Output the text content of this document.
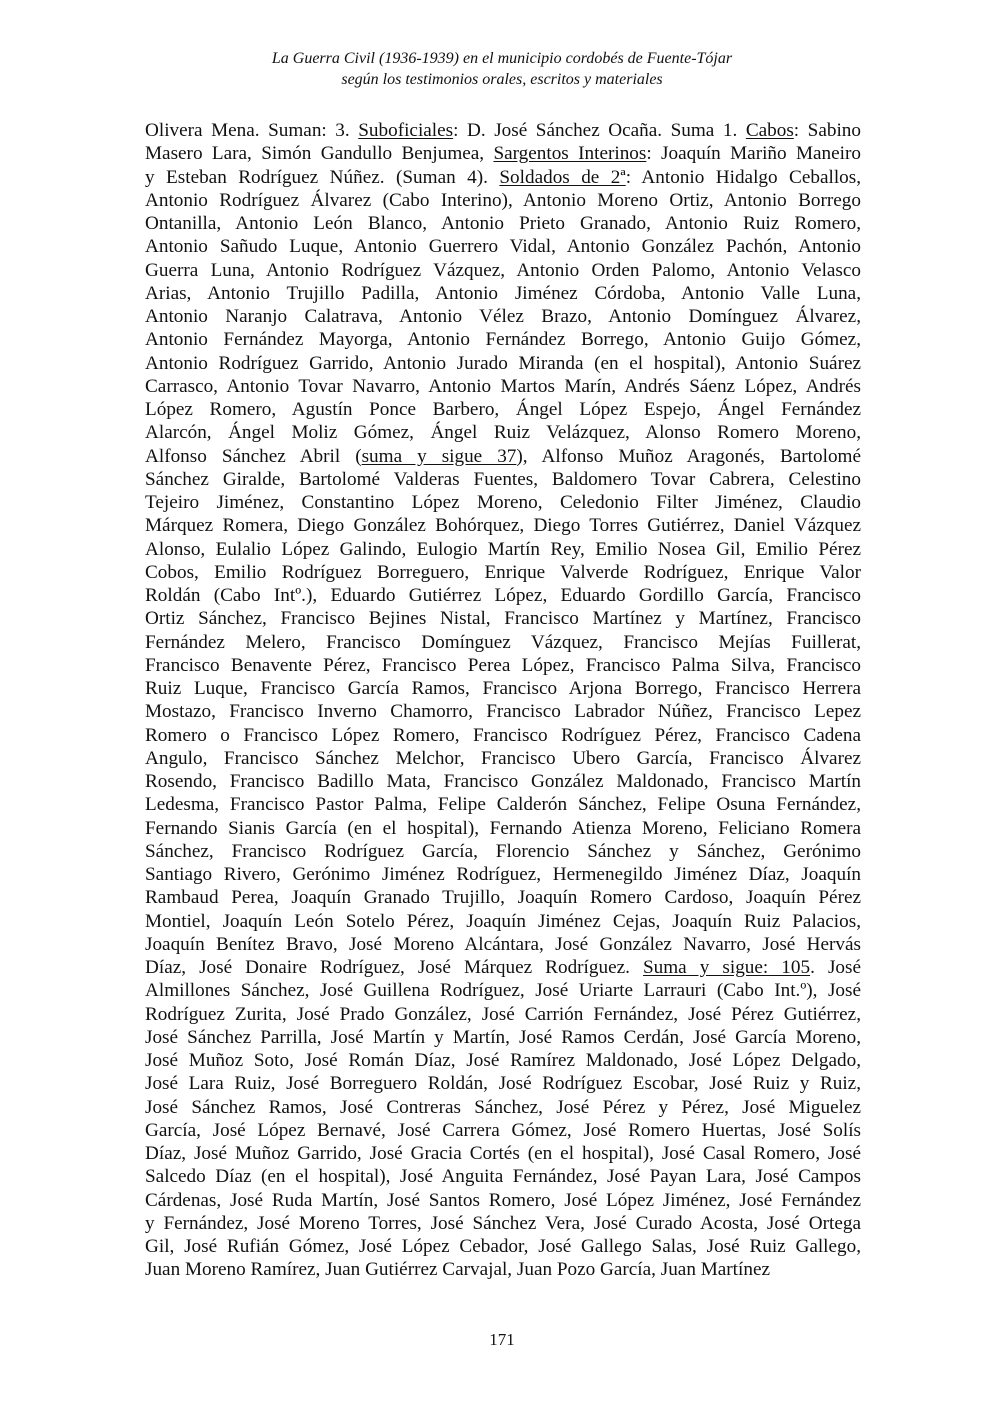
La Guerra Civil (1936-1939) en el municipio cordobés de Fuente-Tójar
según los testimonios orales, escritos y materiales
Olivera Mena. Suman: 3. Suboficiales: D. José Sánchez Ocaña. Suma 1. Cabos: Sabino
Masero Lara, Simón Gandullo Benjumea, Sargentos Interinos: Joaquín Mariño Maneiro
y Esteban Rodríguez Núñez. (Suman 4). Soldados de 2ª: Antonio Hidalgo Ceballos,
Antonio Rodríguez Álvarez (Cabo Interino), Antonio Moreno Ortiz, Antonio Borrego
Ontanilla, Antonio León Blanco, Antonio Prieto Granado, Antonio Ruiz Romero,
Antonio Sañudo Luque, Antonio Guerrero Vidal, Antonio González Pachón, Antonio
Guerra Luna, Antonio Rodríguez Vázquez, Antonio Orden Palomo, Antonio Velasco
Arias, Antonio Trujillo Padilla, Antonio Jiménez Córdoba, Antonio Valle Luna,
Antonio Naranjo Calatrava, Antonio Vélez Brazo, Antonio Domínguez Álvarez,
Antonio Fernández Mayorga, Antonio Fernández Borrego, Antonio Guijo Gómez,
Antonio Rodríguez Garrido, Antonio Jurado Miranda (en el hospital), Antonio Suárez
Carrasco, Antonio Tovar Navarro, Antonio Martos Marín, Andrés Sáenz López, Andrés
López Romero, Agustín Ponce Barbero, Ángel López Espejo, Ángel Fernández
Alarcón, Ángel Moliz Gómez, Ángel Ruiz Velázquez, Alonso Romero Moreno,
Alfonso Sánchez Abril (suma y sigue 37), Alfonso Muñoz Aragonés, Bartolomé
Sánchez Giralde, Bartolomé Valderas Fuentes, Baldomero Tovar Cabrera, Celestino
Tejeiro Jiménez, Constantino López Moreno, Celedonio Filter Jiménez, Claudio
Márquez Romera, Diego González Bohórquez, Diego Torres Gutiérrez, Daniel Vázquez
Alonso, Eulalio López Galindo, Eulogio Martín Rey, Emilio Nosea Gil, Emilio Pérez
Cobos, Emilio Rodríguez Borreguero, Enrique Valverde Rodríguez, Enrique Valor
Roldán (Cabo Intº.), Eduardo Gutiérrez López, Eduardo Gordillo García, Francisco
Ortiz Sánchez, Francisco Bejines Nistal, Francisco Martínez y Martínez, Francisco
Fernández Melero, Francisco Domínguez Vázquez, Francisco Mejías Fuillerat,
Francisco Benavente Pérez, Francisco Perea López, Francisco Palma Silva, Francisco
Ruiz Luque, Francisco García Ramos, Francisco Arjona Borrego, Francisco Herrera
Mostazo, Francisco Inverno Chamorro, Francisco Labrador Núñez, Francisco Lepez
Romero o Francisco López Romero, Francisco Rodríguez Pérez, Francisco Cadena
Angulo, Francisco Sánchez Melchor, Francisco Ubero García, Francisco Álvarez
Rosendo, Francisco Badillo Mata, Francisco González Maldonado, Francisco Martín
Ledesma, Francisco Pastor Palma, Felipe Calderón Sánchez, Felipe Osuna Fernández,
Fernando Sianis García (en el hospital), Fernando Atienza Moreno, Feliciano Romera
Sánchez, Francisco Rodríguez García, Florencio Sánchez y Sánchez, Gerónimo
Santiago Rivero, Gerónimo Jiménez Rodríguez, Hermenegildo Jiménez Díaz, Joaquín
Rambaud Perea, Joaquín Granado Trujillo, Joaquín Romero Cardoso, Joaquín Pérez
Montiel, Joaquín León Sotelo Pérez, Joaquín Jiménez Cejas, Joaquín Ruiz Palacios,
Joaquín Benítez Bravo, José Moreno Alcántara, José González Navarro, José Hervás
Díaz, José Donaire Rodríguez, José Márquez Rodríguez. Suma y sigue: 105. José
Almillones Sánchez, José Guillena Rodríguez, José Uriarte Larrauri (Cabo Int.º), José
Rodríguez Zurita, José Prado González, José Carrión Fernández, José Pérez Gutiérrez,
José Sánchez Parrilla, José Martín y Martín, José Ramos Cerdán, José García Moreno,
José Muñoz Soto, José Román Díaz, José Ramírez Maldonado, José López Delgado,
José Lara Ruiz, José Borreguero Roldán, José Rodríguez Escobar, José Ruiz y Ruiz,
José Sánchez Ramos, José Contreras Sánchez, José Pérez y Pérez, José Miguelez
García, José López Bernavé, José Carrera Gómez, José Romero Huertas, José Solís
Díaz, José Muñoz Garrido, José Gracia Cortés (en el hospital), José Casal Romero, José
Salcedo Díaz (en el hospital), José Anguita Fernández, José Payan Lara, José Campos
Cárdenas, José Ruda Martín, José Santos Romero, José López Jiménez, José Fernández
y Fernández, José Moreno Torres, José Sánchez Vera, José Curado Acosta, José Ortega
Gil, José Rufián Gómez, José López Cebador, José Gallego Salas, José Ruiz Gallego,
Juan Moreno Ramírez, Juan Gutiérrez Carvajal, Juan Pozo García, Juan Martínez
171
